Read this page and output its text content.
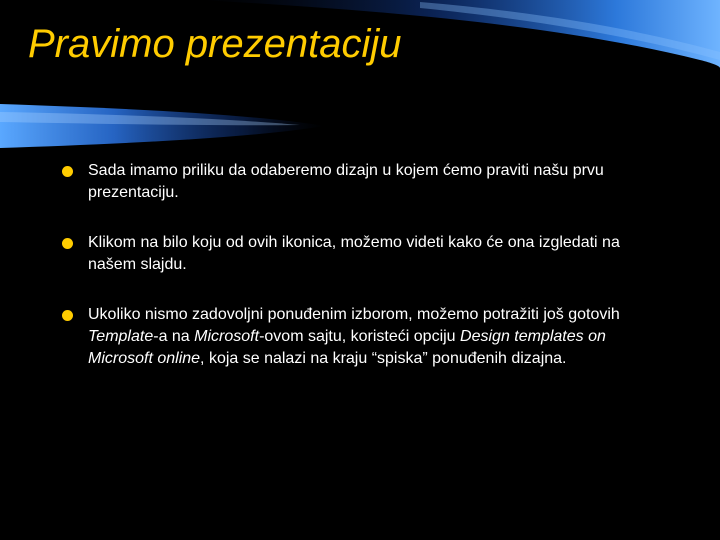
Pravimo prezentaciju
Sada imamo priliku da odaberemo dizajn u kojem ćemo praviti našu prvu prezentaciju.
Klikom na bilo koju od ovih ikonica, možemo videti kako će ona izgledati na našem slajdu.
Ukoliko nismo zadovoljni ponuđenim izborom, možemo potražiti još gotovih Template-a na Microsoft-ovom sajtu, koristeći opciju Design templates on Microsoft online, koja se nalazi na kraju “spiska” ponuđenih dizajna.
